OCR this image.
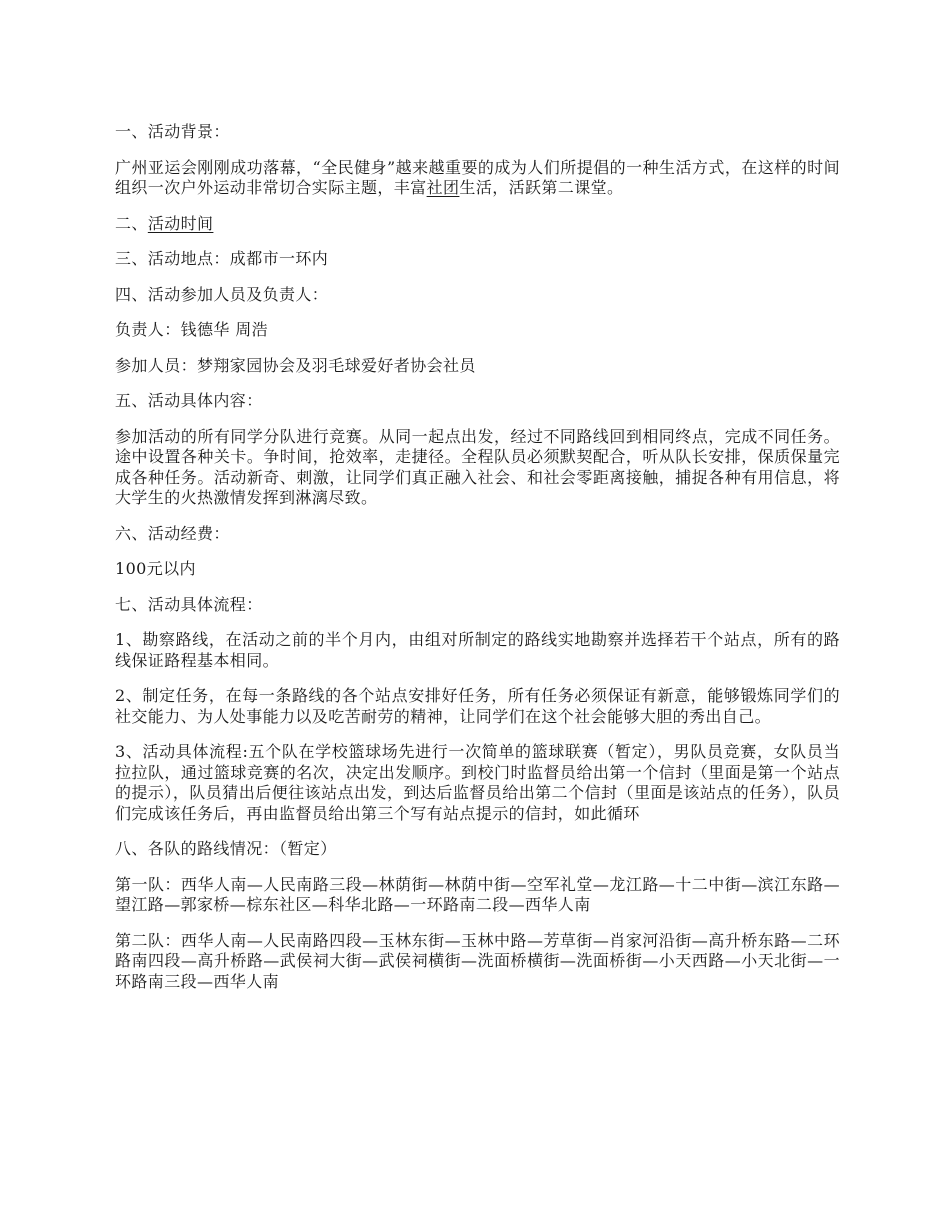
一、活动背景：

广州亚运会刚刚成功落幕，“全民健身”越来越重要的成为人们所提倡的一种生活方式，在这样的时间组织一次户外运动非常切合实际主题，丰富社团生活，活跃第二课堂。

二、活动时间

三、活动地点：成都市一环内

四、活动参加人员及负责人：

负责人：钱德华 周浩

参加人员：梦翔家园协会及羽毛球爱好者协会社员

五、活动具体内容：

参加活动的所有同学分队进行竞赛。从同一起点出发，经过不同路线回到相同终点，完成不同任务。途中设置各种关卡。争时间，抢效率，走捷径。全程队员必须默契配合，听从队长安排，保质保量完成各种任务。活动新奇、刺激，让同学们真正融入社会、和社会零距离接触，捕捉各种有用信息，将大学生的火热激情发挥到淋漓尽致。

六、活动经费：

100元以内

七、活动具体流程：

1、勘察路线，在活动之前的半个月内，由组对所制定的路线实地勘察并选择若干个站点，所有的路线保证路程基本相同。

2、制定任务，在每一条路线的各个站点安排好任务，所有任务必须保证有新意，能够锻炼同学们的社交能力、为人处事能力以及吃苦耐劳的精神，让同学们在这个社会能够大胆的秀出自己。

3、活动具体流程:五个队在学校篮球场先进行一次简单的篮球联赛（暂定），男队员竞赛，女队员当拉拉队，通过篮球竞赛的名次，决定出发顺序。到校门时监督员给出第一个信封（里面是第一个站点的提示），队员猜出后便往该站点出发，到达后监督员给出第二个信封（里面是该站点的任务），队员们完成该任务后，再由监督员给出第三个写有站点提示的信封，如此循环

八、各队的路线情况：（暂定）

第一队：西华人南—人民南路三段—林荫街—林荫中街—空军礼堂—龙江路—十二中街—滨江东路—望江路—郭家桥—棕东社区—科华北路—一环路南二段—西华人南

第二队：西华人南—人民南路四段—玉林东街—玉林中路—芳草街—肖家河沿街—高升桥东路—二环路南四段—高升桥路—武侯祠大街—武侯祠横街—洗面桥横街—洗面桥街—小天西路—小天北街—一环路南三段—西华人南
